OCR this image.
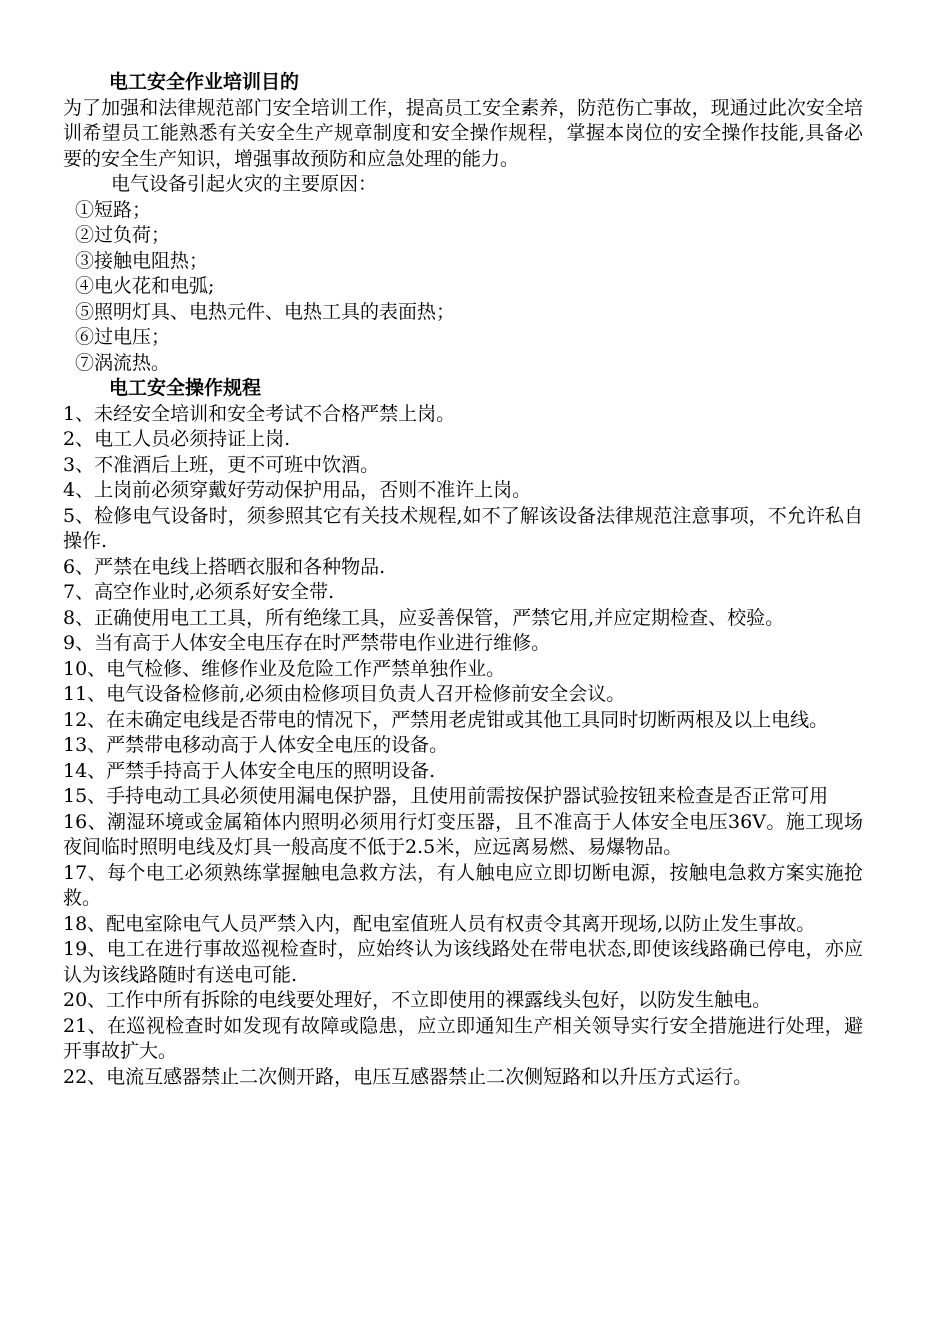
电工安全作业培训目的

为了加强和法律规范部门安全培训工作，提高员工安全素养，防范伤亡事故，现通过此次安全培训希望员工能熟悉有关安全生产规章制度和安全操作规程，掌握本岗位的安全操作技能,具备必要的安全生产知识，增强事故预防和应急处理的能力。

电气设备引起火灾的主要原因：

①短路；

②过负荷；

③接触电阻热；

④电火花和电弧;

⑤照明灯具、电热元件、电热工具的表面热；

⑥过电压；

⑦涡流热。

电工安全操作规程

1、未经安全培训和安全考试不合格严禁上岗。

2、电工人员必须持证上岗.

3、不准酒后上班，更不可班中饮酒。

4、上岗前必须穿戴好劳动保护用品，否则不准许上岗。

5、检修电气设备时，须参照其它有关技术规程,如不了解该设备法律规范注意事项，不允许私自操作.

6、严禁在电线上搭晒衣服和各种物品.

7、高空作业时,必须系好安全带.

8、正确使用电工工具，所有绝缘工具，应妥善保管，严禁它用,并应定期检查、校验。

9、当有高于人体安全电压存在时严禁带电作业进行维修。

10、电气检修、维修作业及危险工作严禁单独作业。

11、电气设备检修前,必须由检修项目负责人召开检修前安全会议。

12、在未确定电线是否带电的情况下，严禁用老虎钳或其他工具同时切断两根及以上电线。

13、严禁带电移动高于人体安全电压的设备。

14、严禁手持高于人体安全电压的照明设备.

15、手持电动工具必须使用漏电保护器，且使用前需按保护器试验按钮来检查是否正常可用

16、潮湿环境或金属箱体内照明必须用行灯变压器，且不准高于人体安全电压36V。施工现场夜间临时照明电线及灯具一般高度不低于2.5米，应远离易燃、易爆物品。

17、每个电工必须熟练掌握触电急救方法，有人触电应立即切断电源，按触电急救方案实施抢救。

18、配电室除电气人员严禁入内，配电室值班人员有权责令其离开现场,以防止发生事故。

19、电工在进行事故巡视检查时，应始终认为该线路处在带电状态,即使该线路确已停电，亦应认为该线路随时有送电可能.

20、工作中所有拆除的电线要处理好，不立即使用的裸露线头包好，以防发生触电。

21、在巡视检查时如发现有故障或隐患，应立即通知生产相关领导实行安全措施进行处理，避开事故扩大。

22、电流互感器禁止二次侧开路，电压互感器禁止二次侧短路和以升压方式运行。
